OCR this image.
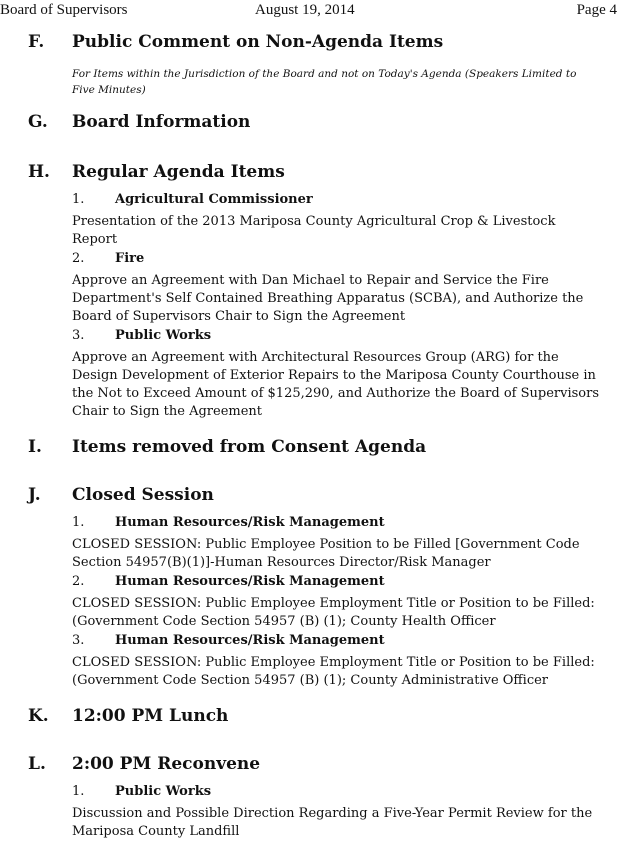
Board of Supervisors	August 19, 2014	Page 4
F. Public Comment on Non-Agenda Items
For Items within the Jurisdiction of the Board and not on Today's Agenda (Speakers Limited to Five Minutes)
G. Board Information
H. Regular Agenda Items
1. Agricultural Commissioner
Presentation of the 2013 Mariposa County Agricultural Crop & Livestock Report
2. Fire
Approve an Agreement with Dan Michael to Repair and Service the Fire Department's Self Contained Breathing Apparatus (SCBA), and Authorize the Board of Supervisors Chair to Sign the Agreement
3. Public Works
Approve an Agreement with Architectural Resources Group (ARG) for the Design Development of Exterior Repairs to the Mariposa County Courthouse in the Not to Exceed Amount of $125,290, and Authorize the Board of Supervisors Chair to Sign the Agreement
I. Items removed from Consent Agenda
J. Closed Session
1. Human Resources/Risk Management
CLOSED SESSION: Public Employee Position to be Filled [Government Code Section 54957(B)(1)]-Human Resources Director/Risk Manager
2. Human Resources/Risk Management
CLOSED SESSION: Public Employee Employment Title or Position to be Filled: (Government Code Section 54957 (B) (1); County Health Officer
3. Human Resources/Risk Management
CLOSED SESSION: Public Employee Employment Title or Position to be Filled: (Government Code Section 54957 (B) (1); County Administrative Officer
K. 12:00 PM Lunch
L. 2:00 PM Reconvene
1. Public Works
Discussion and Possible Direction Regarding a Five-Year Permit Review for the Mariposa County Landfill
